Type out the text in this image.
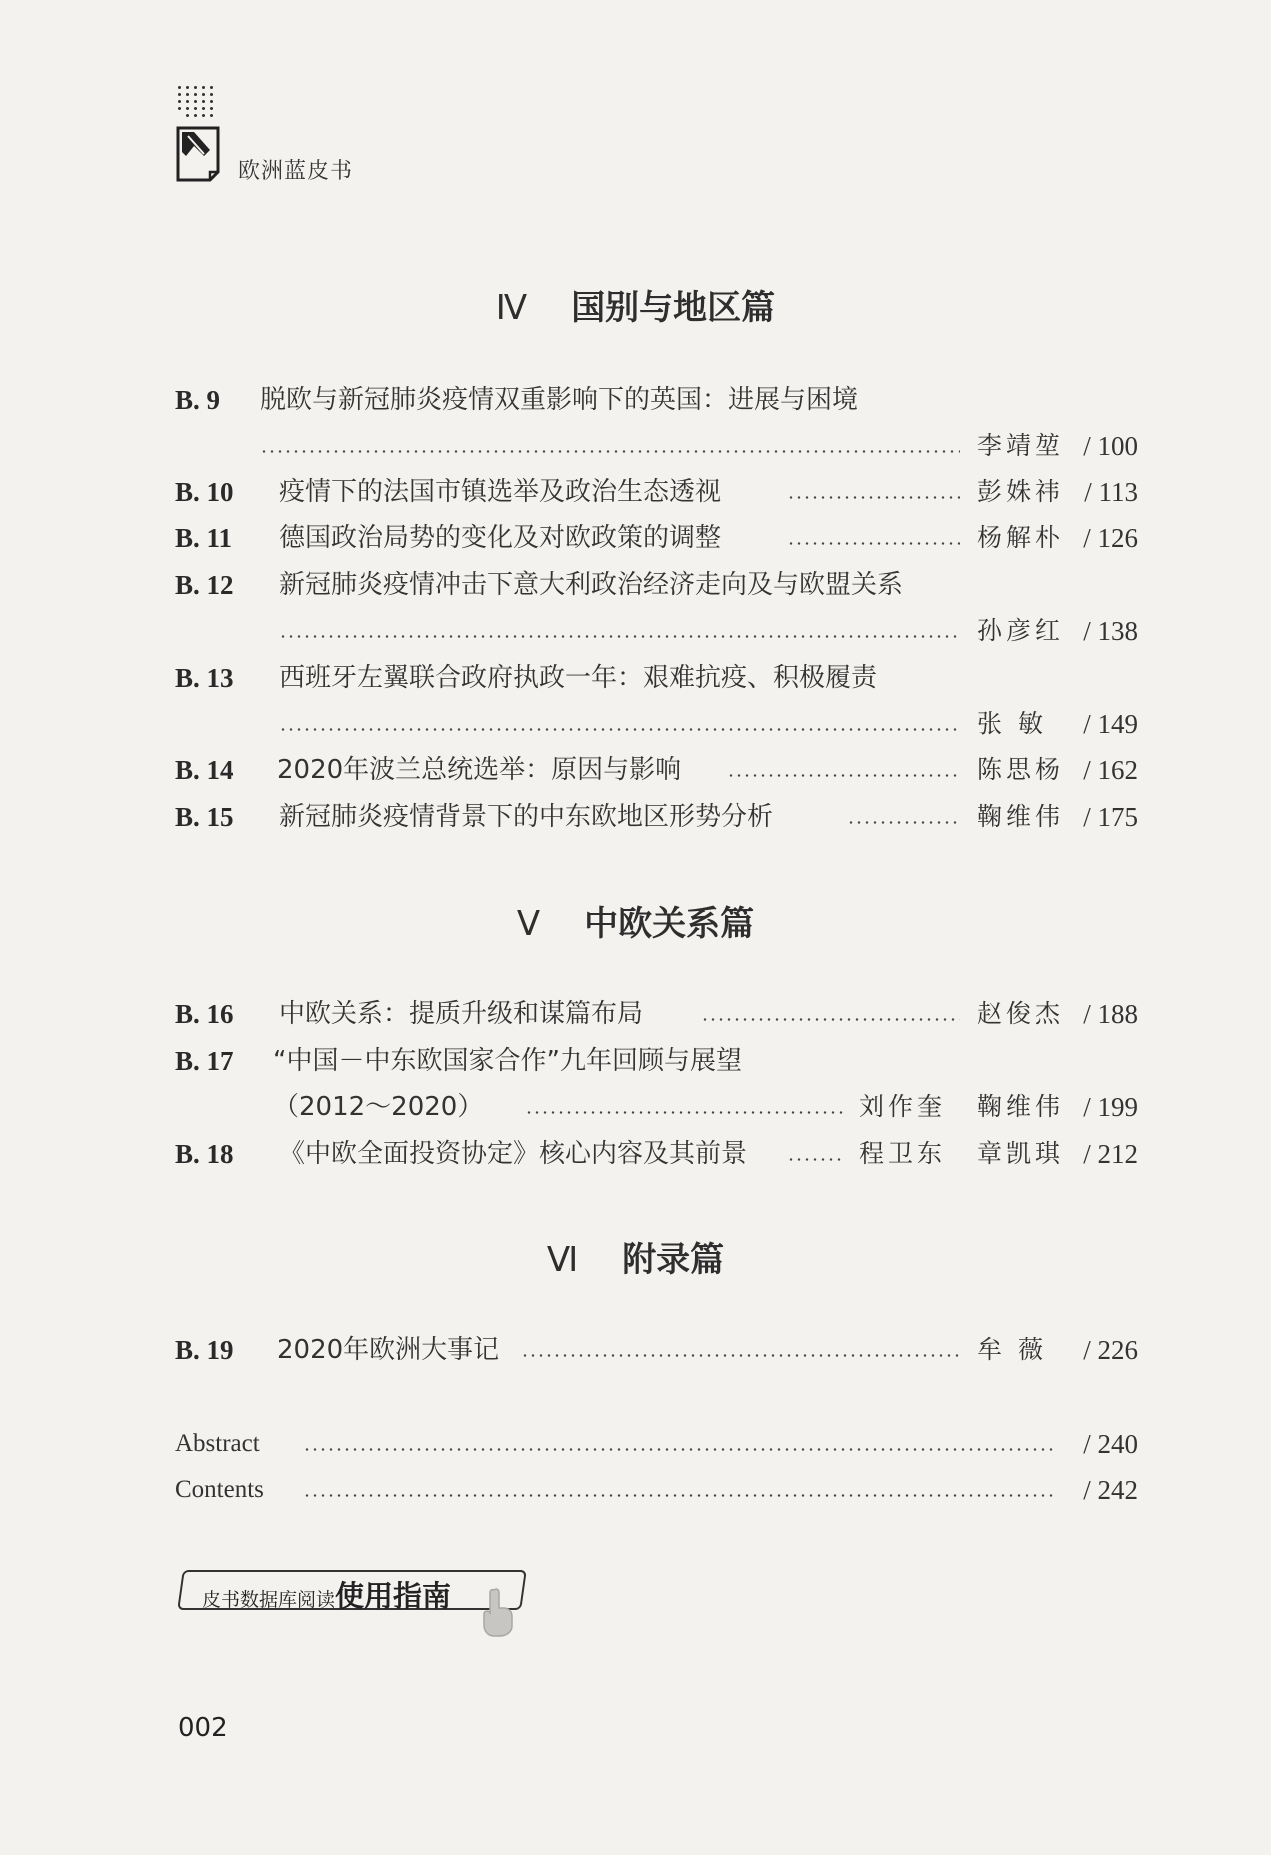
欧洲蓝皮书
Ⅳ 国别与地区篇
B. 9 脱欧与新冠肺炎疫情双重影响下的英国：进展与困境
李靖堃 / 100
B. 10 疫情下的法国市镇选举及政治生态透视	彭姝祎 / 113
B. 11 德国政治局势的变化及对欧政策的调整	杨解朴 / 126
B. 12 新冠肺炎疫情冲击下意大利政治经济走向及与欧盟关系
孙彦红 / 138
B. 13 西班牙左翼联合政府执政一年：艰难抗疫、积极履责
张 敏 / 149
B. 14 2020年波兰总统选举：原因与影响	陈思杨 / 162
B. 15 新冠肺炎疫情背景下的中东欧地区形势分析	鞠维伟 / 175
Ⅴ 中欧关系篇
B. 16 中欧关系：提质升级和谋篇布局	赵俊杰 / 188
B. 17 “中国－中东欧国家合作”九年回顾与展望
（2012～2020）	刘作奎 鞠维伟 / 199
B. 18 《中欧全面投资协定》核心内容及其前景	程卫东 章凯琪 / 212
Ⅵ 附录篇
B. 19 2020年欧洲大事记	牟 薇 / 226
Abstract	/ 240
Contents	/ 242
皮书数据库阅读使用指南
002
